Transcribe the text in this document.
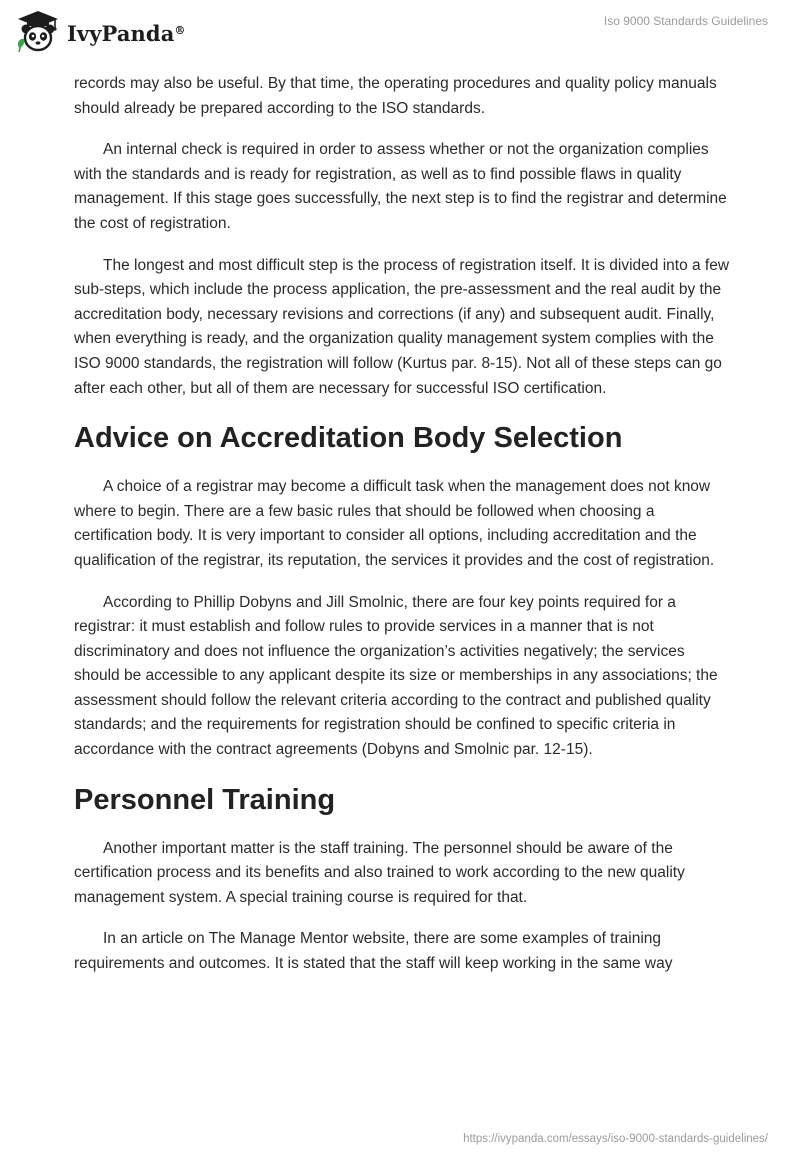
IvyPanda®
Iso 9000 Standards Guidelines

records may also be useful. By that time, the operating procedures and quality policy manuals should already be prepared according to the ISO standards.

An internal check is required in order to assess whether or not the organization complies with the standards and is ready for registration, as well as to find possible flaws in quality management. If this stage goes successfully, the next step is to find the registrar and determine the cost of registration.

The longest and most difficult step is the process of registration itself. It is divided into a few sub-steps, which include the process application, the pre-assessment and the real audit by the accreditation body, necessary revisions and corrections (if any) and subsequent audit. Finally, when everything is ready, and the organization quality management system complies with the ISO 9000 standards, the registration will follow (Kurtus par. 8-15). Not all of these steps can go after each other, but all of them are necessary for successful ISO certification.

Advice on Accreditation Body Selection

A choice of a registrar may become a difficult task when the management does not know where to begin. There are a few basic rules that should be followed when choosing a certification body. It is very important to consider all options, including accreditation and the qualification of the registrar, its reputation, the services it provides and the cost of registration.

According to Phillip Dobyns and Jill Smolnic, there are four key points required for a registrar: it must establish and follow rules to provide services in a manner that is not discriminatory and does not influence the organization’s activities negatively; the services should be accessible to any applicant despite its size or memberships in any associations; the assessment should follow the relevant criteria according to the contract and published quality standards; and the requirements for registration should be confined to specific criteria in accordance with the contract agreements (Dobyns and Smolnic par. 12-15).

Personnel Training

Another important matter is the staff training. The personnel should be aware of the certification process and its benefits and also trained to work according to the new quality management system. A special training course is required for that.

In an article on The Manage Mentor website, there are some examples of training requirements and outcomes. It is stated that the staff will keep working in the same way

https://ivypanda.com/essays/iso-9000-standards-guidelines/
